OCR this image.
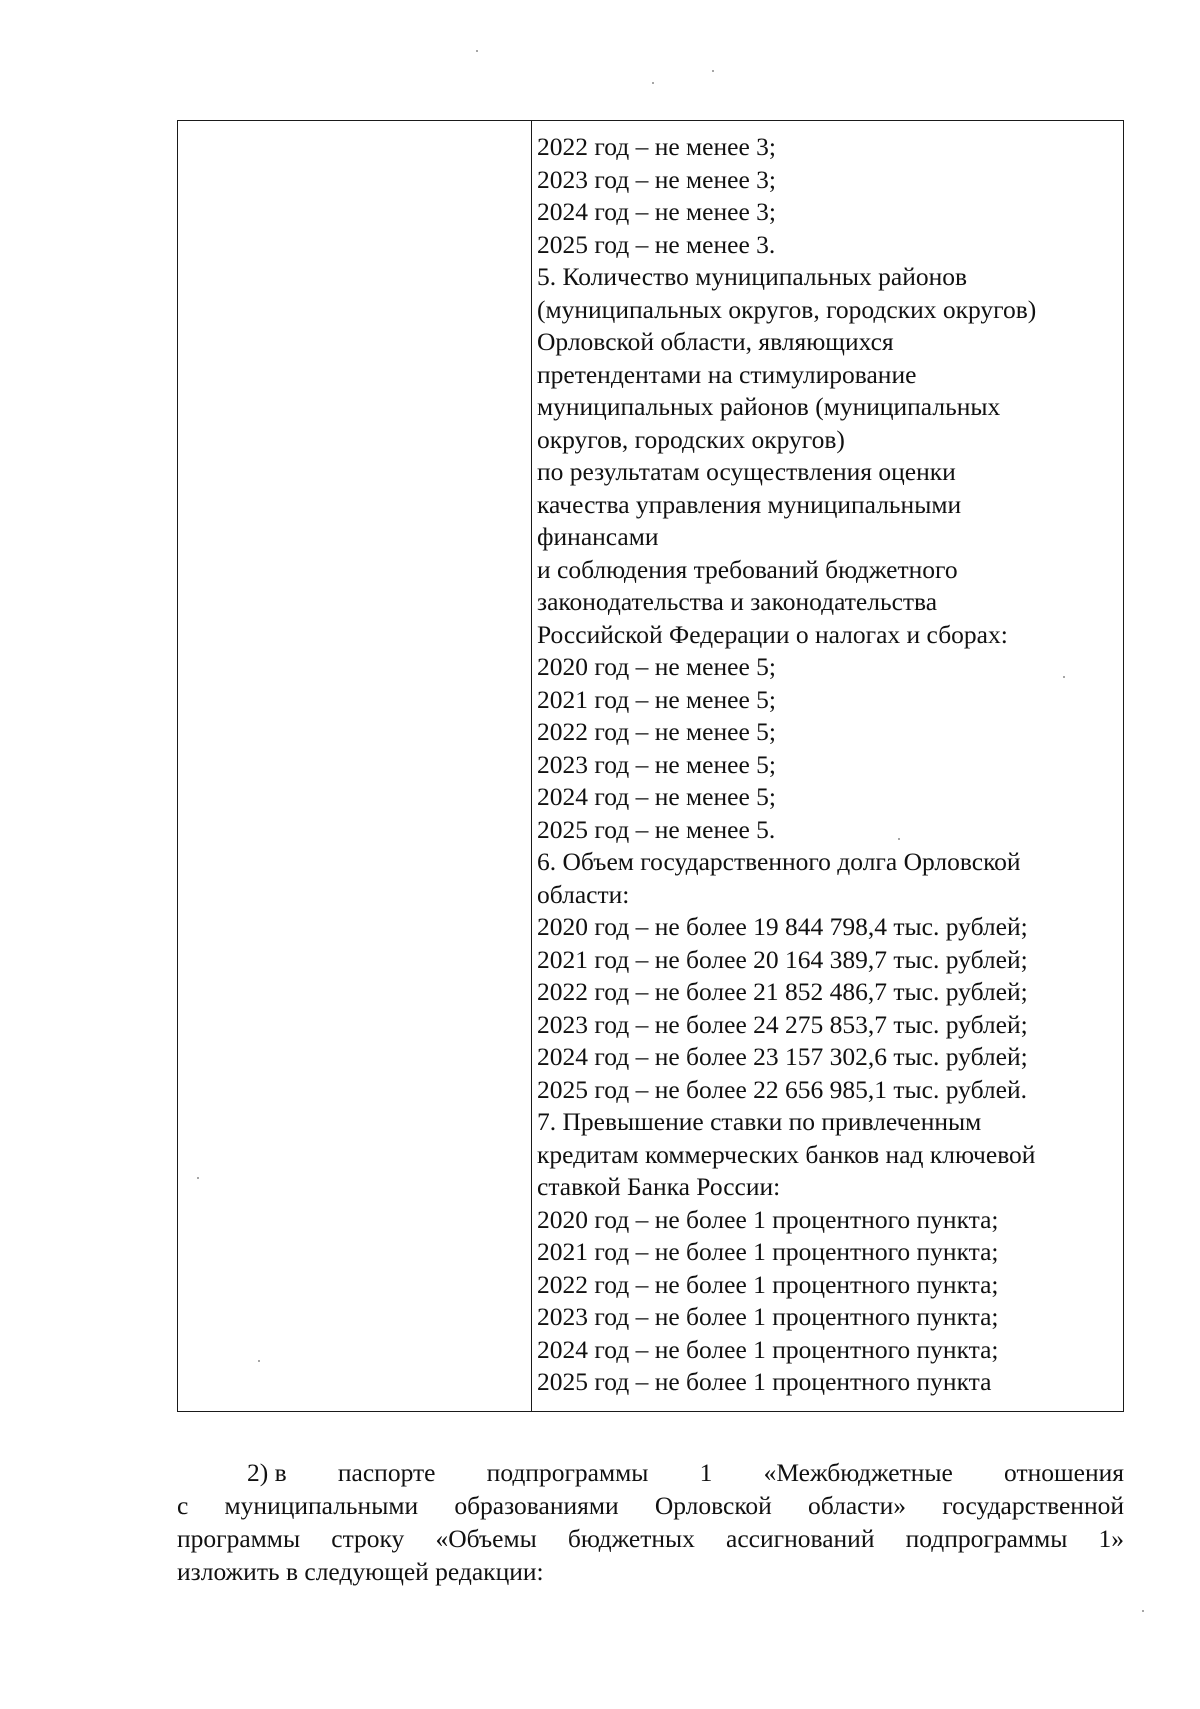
2022 год – не менее 3;
2023 год – не менее 3;
2024 год – не менее 3;
2025 год – не менее 3.
5. Количество муниципальных районов
(муниципальных округов, городских округов)
Орловской области, являющихся
претендентами на стимулирование
муниципальных районов (муниципальных
округов, городских округов)
по результатам осуществления оценки
качества управления муниципальными
финансами
и соблюдения требований бюджетного
законодательства и законодательства
Российской Федерации о налогах и сборах:
2020 год – не менее 5;
2021 год – не менее 5;
2022 год – не менее 5;
2023 год – не менее 5;
2024 год – не менее 5;
2025 год – не менее 5.
6. Объем государственного долга Орловской
области:
2020 год – не более 19 844 798,4 тыс. рублей;
2021 год – не более 20 164 389,7 тыс. рублей;
2022 год – не более 21 852 486,7 тыс. рублей;
2023 год – не более 24 275 853,7 тыс. рублей;
2024 год – не более 23 157 302,6 тыс. рублей;
2025 год – не более 22 656 985,1 тыс. рублей.
7. Превышение ставки по привлеченным
кредитам коммерческих банков над ключевой
ставкой Банка России:
2020 год – не более 1 процентного пункта;
2021 год – не более 1 процентного пункта;
2022 год – не более 1 процентного пункта;
2023 год – не более 1 процентного пункта;
2024 год – не более 1 процентного пункта;
2025 год – не более 1 процентного пункта
2) в паспорте подпрограммы 1 «Межбюджетные отношения
с муниципальными образованиями Орловской области» государственной
программы строку «Объемы бюджетных ассигнований подпрограммы 1»
изложить в следующей редакции:
